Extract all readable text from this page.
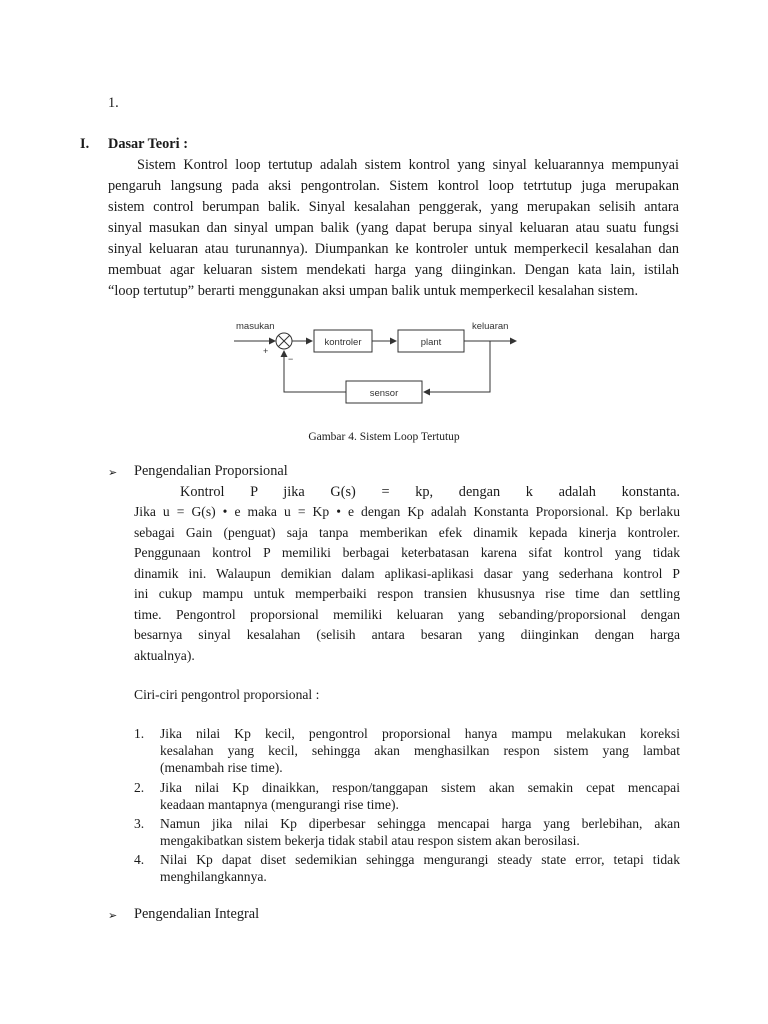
1.
I. Dasar Teori :
Sistem Kontrol loop tertutup adalah sistem kontrol yang sinyal keluarannya mempunyai
pengaruh langsung pada aksi pengontrolan. Sistem kontrol loop tetrtutup juga merupakan
sistem control berumpan balik. Sinyal kesalahan penggerak, yang merupakan selisih antara
sinyal masukan dan sinyal umpan balik (yang dapat berupa sinyal keluaran atau suatu fungsi
sinyal keluaran atau turunannya). Diumpankan ke kontroler untuk memperkecil kesalahan dan
membuat agar keluaran sistem mendekati harga yang diinginkan. Dengan kata lain, istilah
“loop tertutup” berarti menggunakan aksi umpan balik untuk memperkecil kesalahan sistem.
masukan	keluaran
+
−
kontroler	plant
sensor
Gambar 4. Sistem Loop Tertutup
➢ Pengendalian Proporsional
Kontrol P jika G(s) = kp, dengan k adalah konstanta.
Jika u = G(s) • e maka u = Kp • e dengan Kp adalah Konstanta Proporsional. Kp berlaku
sebagai Gain (penguat) saja tanpa memberikan efek dinamik kepada kinerja kontroler.
Penggunaan kontrol P memiliki berbagai keterbatasan karena sifat kontrol yang tidak
dinamik ini. Walaupun demikian dalam aplikasi-aplikasi dasar yang sederhana kontrol P
ini cukup mampu untuk memperbaiki respon transien khususnya rise time dan settling
time. Pengontrol proporsional memiliki keluaran yang sebanding/proporsional dengan
besarnya sinyal kesalahan (selisih antara besaran yang diinginkan dengan harga
aktualnya).
Ciri-ciri pengontrol proporsional :
1. Jika nilai Kp kecil, pengontrol proporsional hanya mampu melakukan koreksi
kesalahan yang kecil, sehingga akan menghasilkan respon sistem yang lambat
(menambah rise time).
2. Jika nilai Kp dinaikkan, respon/tanggapan sistem akan semakin cepat mencapai
keadaan mantapnya (mengurangi rise time).
3. Namun jika nilai Kp diperbesar sehingga mencapai harga yang berlebihan, akan
mengakibatkan sistem bekerja tidak stabil atau respon sistem akan berosilasi.
4. Nilai Kp dapat diset sedemikian sehingga mengurangi steady state error, tetapi tidak
menghilangkannya.
➢ Pengendalian Integral
